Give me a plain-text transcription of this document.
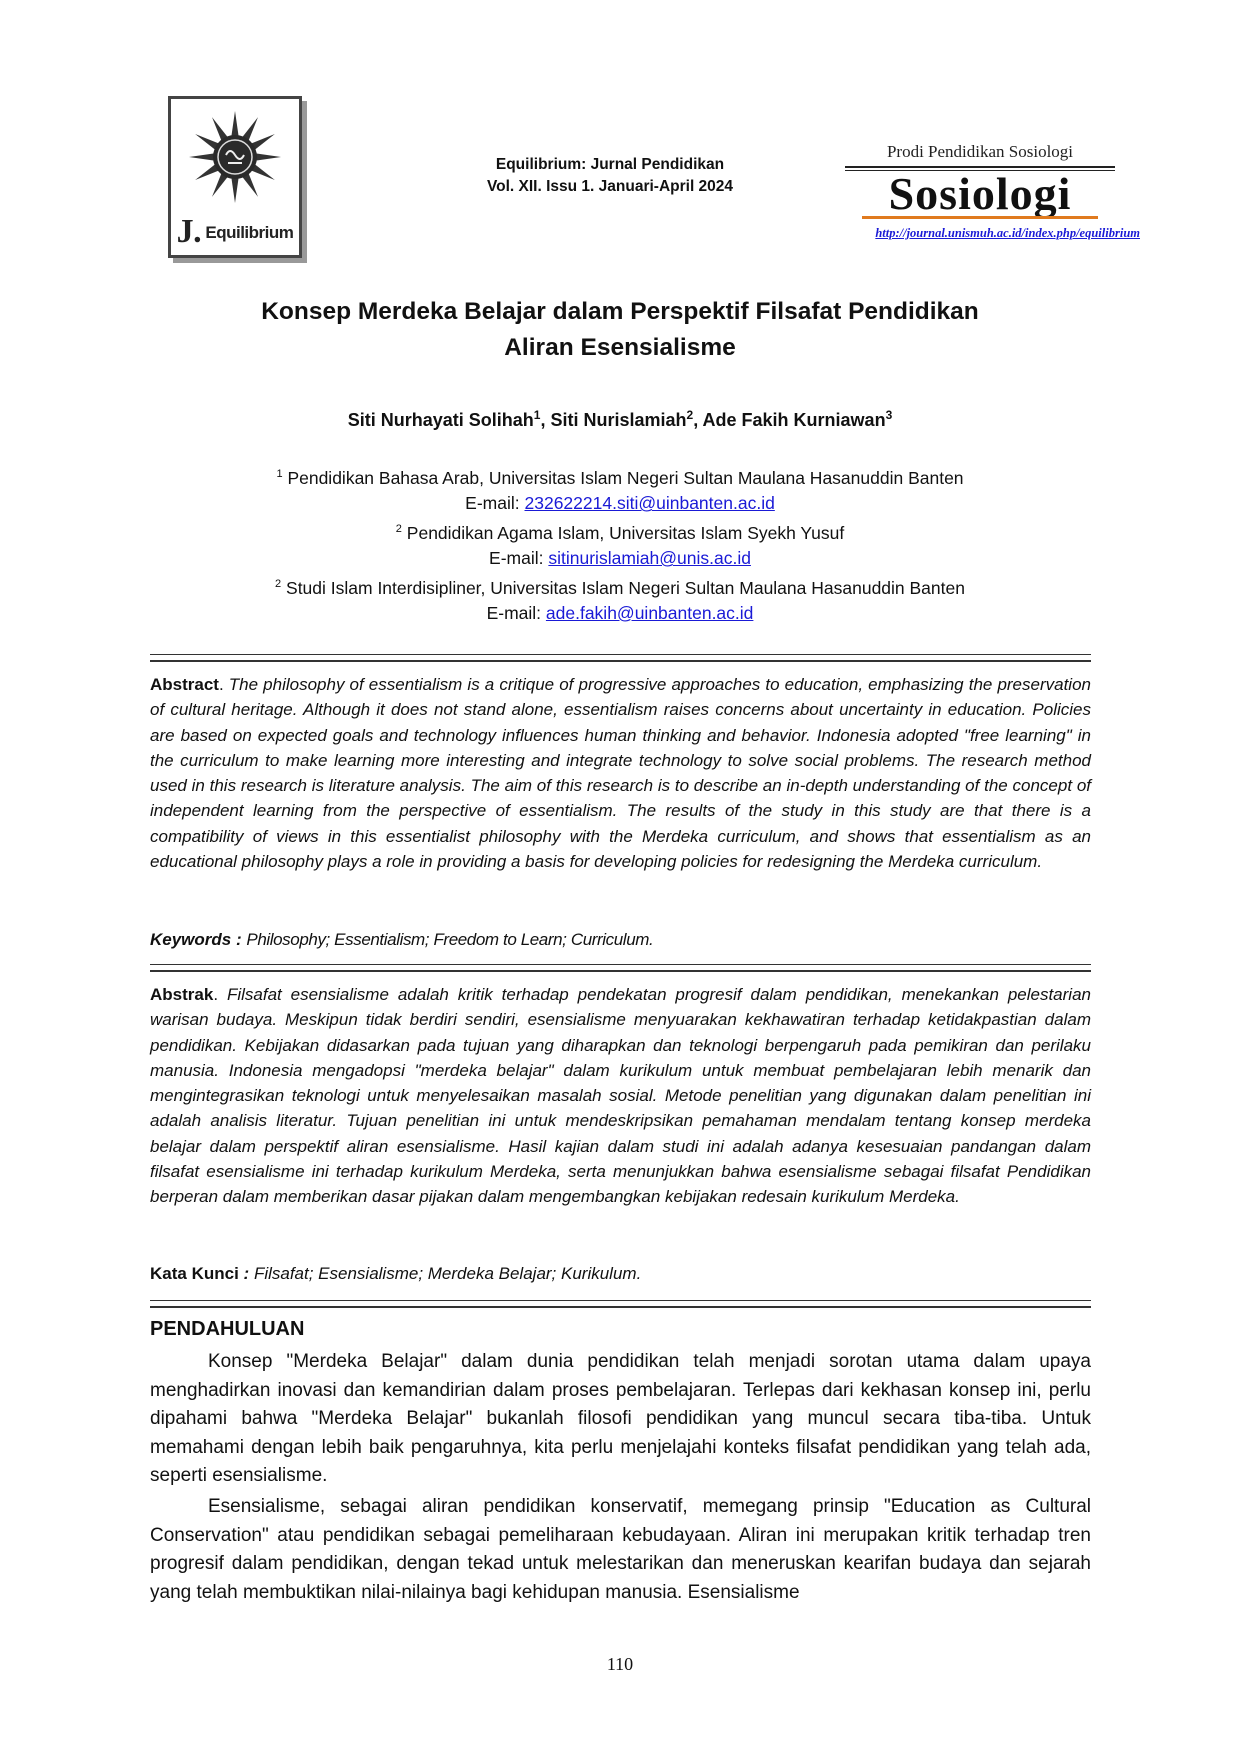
J. Equilibrium
Equilibrium: Jurnal Pendidikan
Vol. XII. Issu 1. Januari-April 2024
Prodi Pendidikan Sosiologi
Sosiologi
http://journal.unismuh.ac.id/index.php/equilibrium
Konsep Merdeka Belajar dalam Perspektif Filsafat Pendidikan
Aliran Esensialisme
Siti Nurhayati Solihah$^1$, Siti Nurislamiah$^2$, Ade Fakih Kurniawan$^3$
$^1$ Pendidikan Bahasa Arab, Universitas Islam Negeri Sultan Maulana Hasanuddin Banten
E-mail: 232622214.siti@uinbanten.ac.id
$^2$ Pendidikan Agama Islam, Universitas Islam Syekh Yusuf
E-mail: sitinurislamiah@unis.ac.id
$^2$ Studi Islam Interdisipliner, Universitas Islam Negeri Sultan Maulana Hasanuddin Banten
E-mail: ade.fakih@uinbanten.ac.id
Abstract. The philosophy of essentialism is a critique of progressive approaches to education, emphasizing the preservation of cultural heritage. Although it does not stand alone, essentialism raises concerns about uncertainty in education. Policies are based on expected goals and technology influences human thinking and behavior. Indonesia adopted "free learning" in the curriculum to make learning more interesting and integrate technology to solve social problems. The research method used in this research is literature analysis. The aim of this research is to describe an in-depth understanding of the concept of independent learning from the perspective of essentialism. The results of the study in this study are that there is a compatibility of views in this essentialist philosophy with the Merdeka curriculum, and shows that essentialism as an educational philosophy plays a role in providing a basis for developing policies for redesigning the Merdeka curriculum.
Keywords : Philosophy; Essentialism; Freedom to Learn; Curriculum.
Abstrak. Filsafat esensialisme adalah kritik terhadap pendekatan progresif dalam pendidikan, menekankan pelestarian warisan budaya. Meskipun tidak berdiri sendiri, esensialisme menyuarakan kekhawatiran terhadap ketidakpastian dalam pendidikan. Kebijakan didasarkan pada tujuan yang diharapkan dan teknologi berpengaruh pada pemikiran dan perilaku manusia. Indonesia mengadopsi "merdeka belajar" dalam kurikulum untuk membuat pembelajaran lebih menarik dan mengintegrasikan teknologi untuk menyelesaikan masalah sosial. Metode penelitian yang digunakan dalam penelitian ini adalah analisis literatur. Tujuan penelitian ini untuk mendeskripsikan pemahaman mendalam tentang konsep merdeka belajar dalam perspektif aliran esensialisme. Hasil kajian dalam studi ini adalah adanya kesesuaian pandangan dalam filsafat esensialisme ini terhadap kurikulum Merdeka, serta menunjukkan bahwa esensialisme sebagai filsafat Pendidikan berperan dalam memberikan dasar pijakan dalam mengembangkan kebijakan redesain kurikulum Merdeka.
Kata Kunci : Filsafat; Esensialisme; Merdeka Belajar; Kurikulum.
PENDAHULUAN

Konsep "Merdeka Belajar" dalam dunia pendidikan telah menjadi sorotan utama dalam upaya menghadirkan inovasi dan kemandirian dalam proses pembelajaran. Terlepas dari kekhasan konsep ini, perlu dipahami bahwa "Merdeka Belajar" bukanlah filosofi pendidikan yang muncul secara tiba-tiba. Untuk memahami dengan lebih baik pengaruhnya, kita perlu menjelajahi konteks filsafat pendidikan yang telah ada, seperti esensialisme.

Esensialisme, sebagai aliran pendidikan konservatif, memegang prinsip "Education as Cultural Conservation" atau pendidikan sebagai pemeliharaan kebudayaan. Aliran ini merupakan kritik terhadap tren progresif dalam pendidikan, dengan tekad untuk melestarikan dan meneruskan kearifan budaya dan sejarah yang telah membuktikan nilai-nilainya bagi kehidupan manusia. Esensialisme

110
